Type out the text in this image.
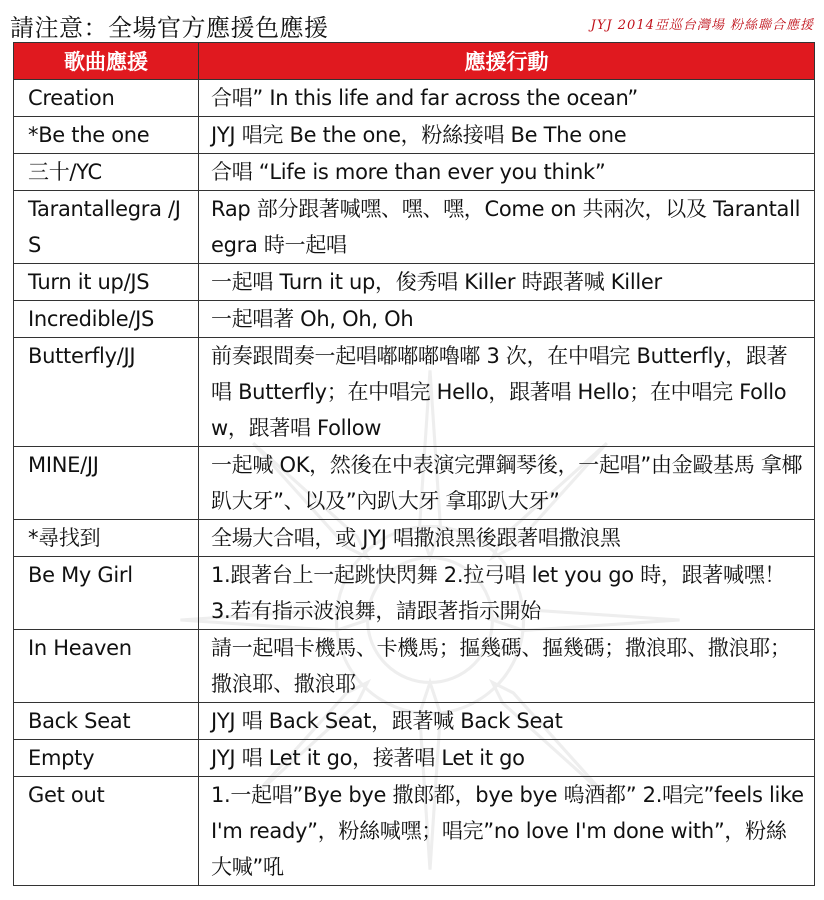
請注意：全場官方應援色應援	JYJ 2014亞巡台灣場 粉絲聯合應援
歌曲應援	應援行動
Creation	合唱” In this life and far across the ocean”
*Be the one	JYJ 唱完 Be the one，粉絲接唱 Be The one
三十/YC	合唱 “Life is more than ever you think”
Tarantallegra /JS	Rap 部分跟著喊嘿、嘿、嘿，Come on 共兩次，以及 Tarantallegra 時一起唱
Turn it up/JS	一起唱 Turn it up，俊秀唱 Killer 時跟著喊 Killer
Incredible/JS	一起唱著 Oh, Oh, Oh
Butterfly/JJ	前奏跟間奏一起唱嘟嘟嘟嚕嘟 3 次，在中唱完 Butterfly，跟著唱 Butterfly；在中唱完 Hello，跟著唱 Hello；在中唱完 Follow，跟著唱 Follow
MINE/JJ	一起喊 OK，然後在中表演完彈鋼琴後，一起唱”由金毆基馬 拿椰趴大牙”、以及”內趴大牙 拿耶趴大牙”
*尋找到	全場大合唱，或 JYJ 唱撒浪黑後跟著唱撒浪黑
Be My Girl	1.跟著台上一起跳快閃舞 2.拉弓唱 let you go 時，跟著喊嘿！ 3.若有指示波浪舞，請跟著指示開始
In Heaven	請一起唱卡機馬、卡機馬；摳幾碼、摳幾碼；撒浪耶、撒浪耶；撒浪耶、撒浪耶
Back Seat	JYJ 唱 Back Seat，跟著喊 Back Seat
Empty	JYJ 唱 Let it go，接著唱 Let it go
Get out	1.一起唱”Bye bye 撒郎都，bye bye 嗚酒都” 2.唱完”feels like I'm ready”，粉絲喊嘿；唱完”no love I'm done with”，粉絲大喊”吼
